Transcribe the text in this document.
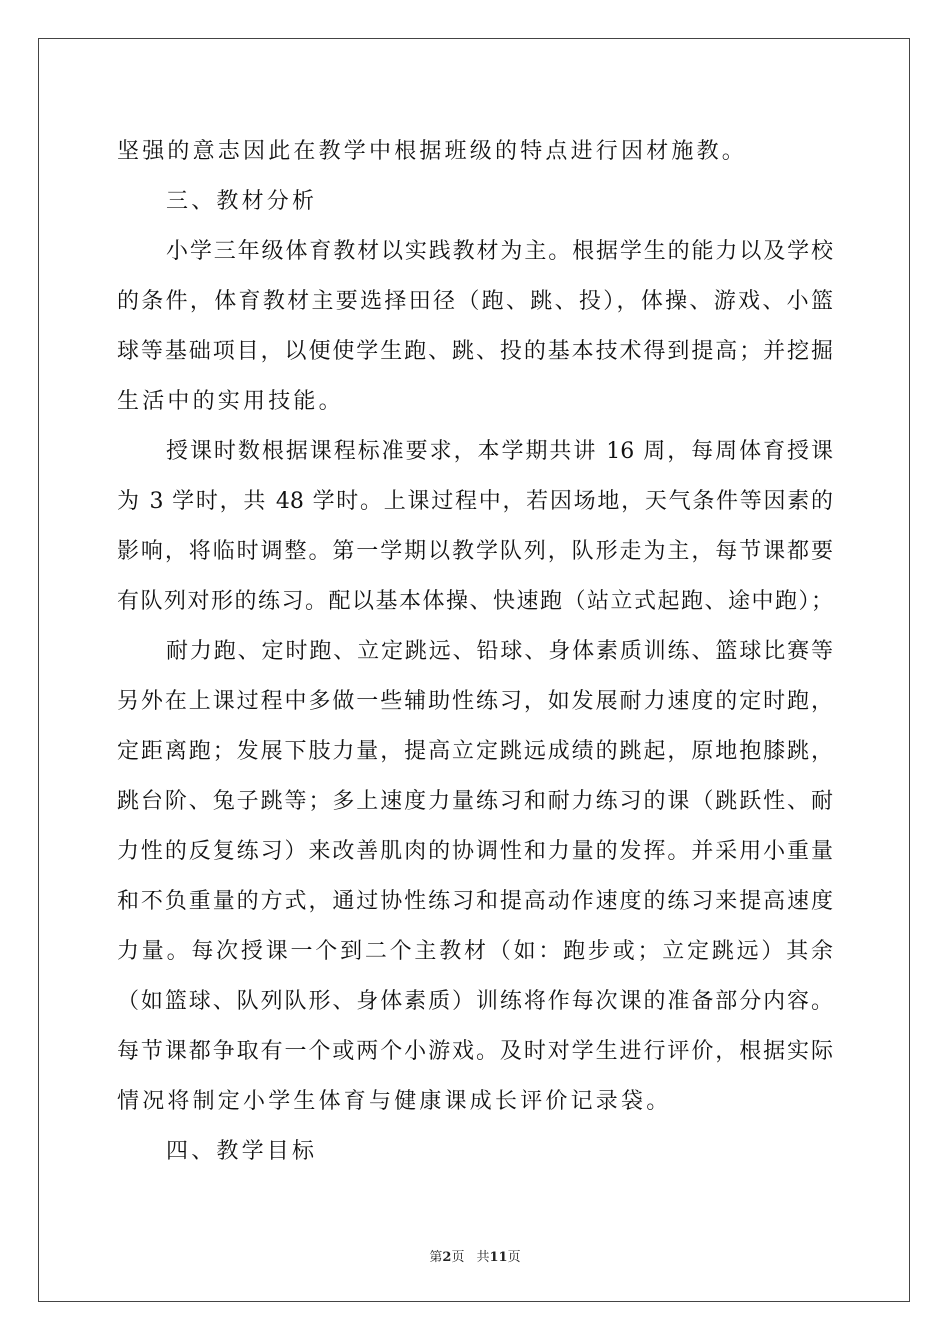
坚强的意志因此在教学中根据班级的特点进行因材施教。
三、教材分析
小学三年级体育教材以实践教材为主。根据学生的能力以及学校
的条件，体育教材主要选择田径（跑、跳、投），体操、游戏、小篮
球等基础项目，以便使学生跑、跳、投的基本技术得到提高；并挖掘
生活中的实用技能。
授课时数根据课程标准要求，本学期共讲 16 周，每周体育授课
为 3 学时，共 48 学时。上课过程中，若因场地，天气条件等因素的
影响，将临时调整。第一学期以教学队列，队形走为主，每节课都要
有队列对形的练习。配以基本体操、快速跑（站立式起跑、途中跑）；
耐力跑、定时跑、立定跳远、铅球、身体素质训练、篮球比赛等
另外在上课过程中多做一些辅助性练习，如发展耐力速度的定时跑，
定距离跑；发展下肢力量，提高立定跳远成绩的跳起，原地抱膝跳，
跳台阶、兔子跳等；多上速度力量练习和耐力练习的课（跳跃性、耐
力性的反复练习）来改善肌肉的协调性和力量的发挥。并采用小重量
和不负重量的方式，通过协性练习和提高动作速度的练习来提高速度
力量。每次授课一个到二个主教材（如：跑步或；立定跳远）其余
（如篮球、队列队形、身体素质）训练将作每次课的准备部分内容。
每节课都争取有一个或两个小游戏。及时对学生进行评价，根据实际
情况将制定小学生体育与健康课成长评价记录袋。
四、教学目标
第2页 共11页
